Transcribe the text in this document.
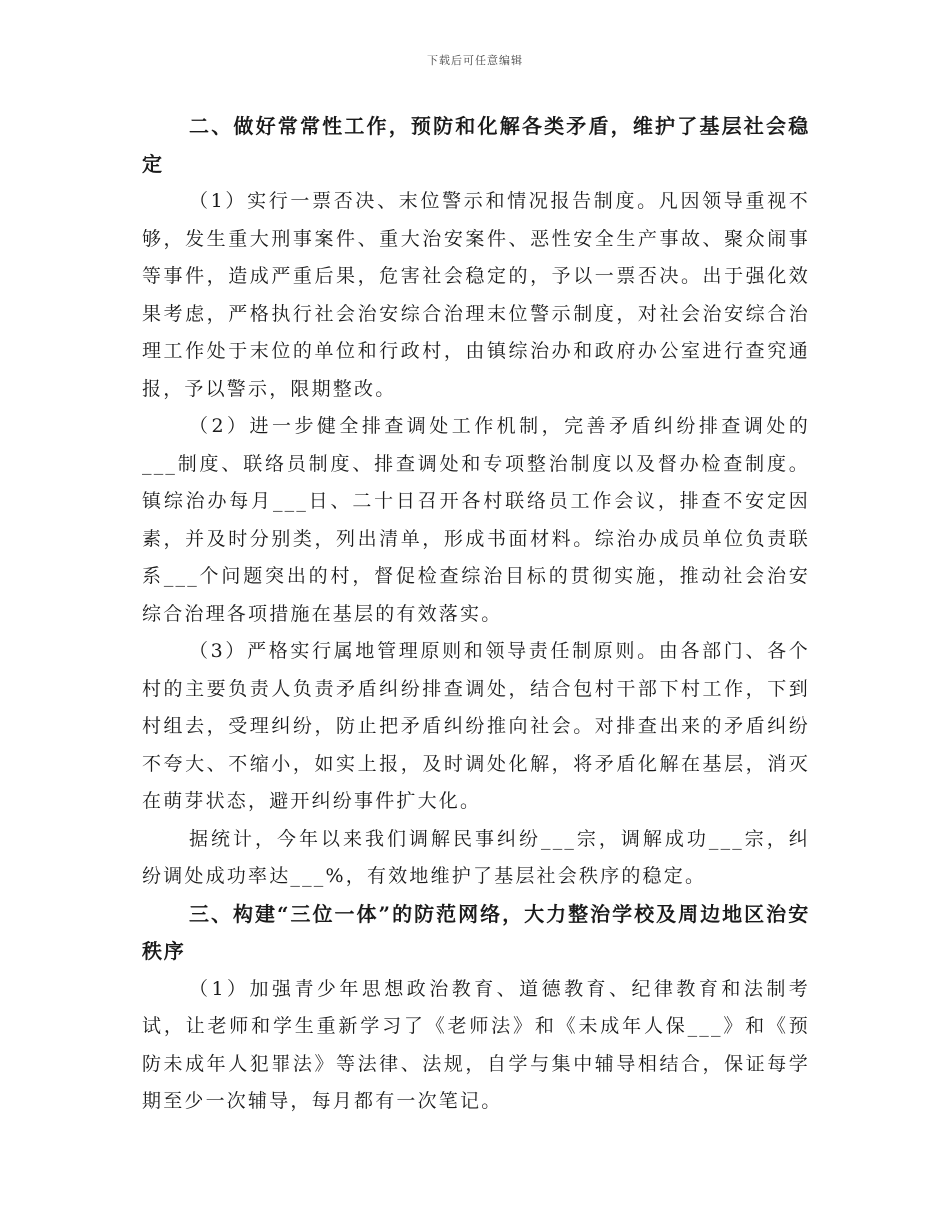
下载后可任意编辑

二、做好常常性工作，预防和化解各类矛盾，维护了基层社会稳定

（1）实行一票否决、末位警示和情况报告制度。凡因领导重视不够，发生重大刑事案件、重大治安案件、恶性安全生产事故、聚众闹事等事件，造成严重后果，危害社会稳定的，予以一票否决。出于强化效果考虑，严格执行社会治安综合治理末位警示制度，对社会治安综合治理工作处于末位的单位和行政村，由镇综治办和政府办公室进行查究通报，予以警示，限期整改。

（2）进一步健全排查调处工作机制，完善矛盾纠纷排查调处的___制度、联络员制度、排查调处和专项整治制度以及督办检查制度。镇综治办每月___日、二十日召开各村联络员工作会议，排查不安定因素，并及时分别类，列出清单，形成书面材料。综治办成员单位负责联系___个问题突出的村，督促检查综治目标的贯彻实施，推动社会治安综合治理各项措施在基层的有效落实。

（3）严格实行属地管理原则和领导责任制原则。由各部门、各个村的主要负责人负责矛盾纠纷排查调处，结合包村干部下村工作，下到村组去，受理纠纷，防止把矛盾纠纷推向社会。对排查出来的矛盾纠纷不夸大、不缩小，如实上报，及时调处化解，将矛盾化解在基层，消灭在萌芽状态，避开纠纷事件扩大化。

据统计，今年以来我们调解民事纠纷___宗，调解成功___宗，纠纷调处成功率达___%，有效地维护了基层社会秩序的稳定。

三、构建“三位一体”的防范网络，大力整治学校及周边地区治安秩序

（1）加强青少年思想政治教育、道德教育、纪律教育和法制考试，让老师和学生重新学习了《老师法》和《未成年人保___》和《预防未成年人犯罪法》等法律、法规，自学与集中辅导相结合，保证每学期至少一次辅导，每月都有一次笔记。
